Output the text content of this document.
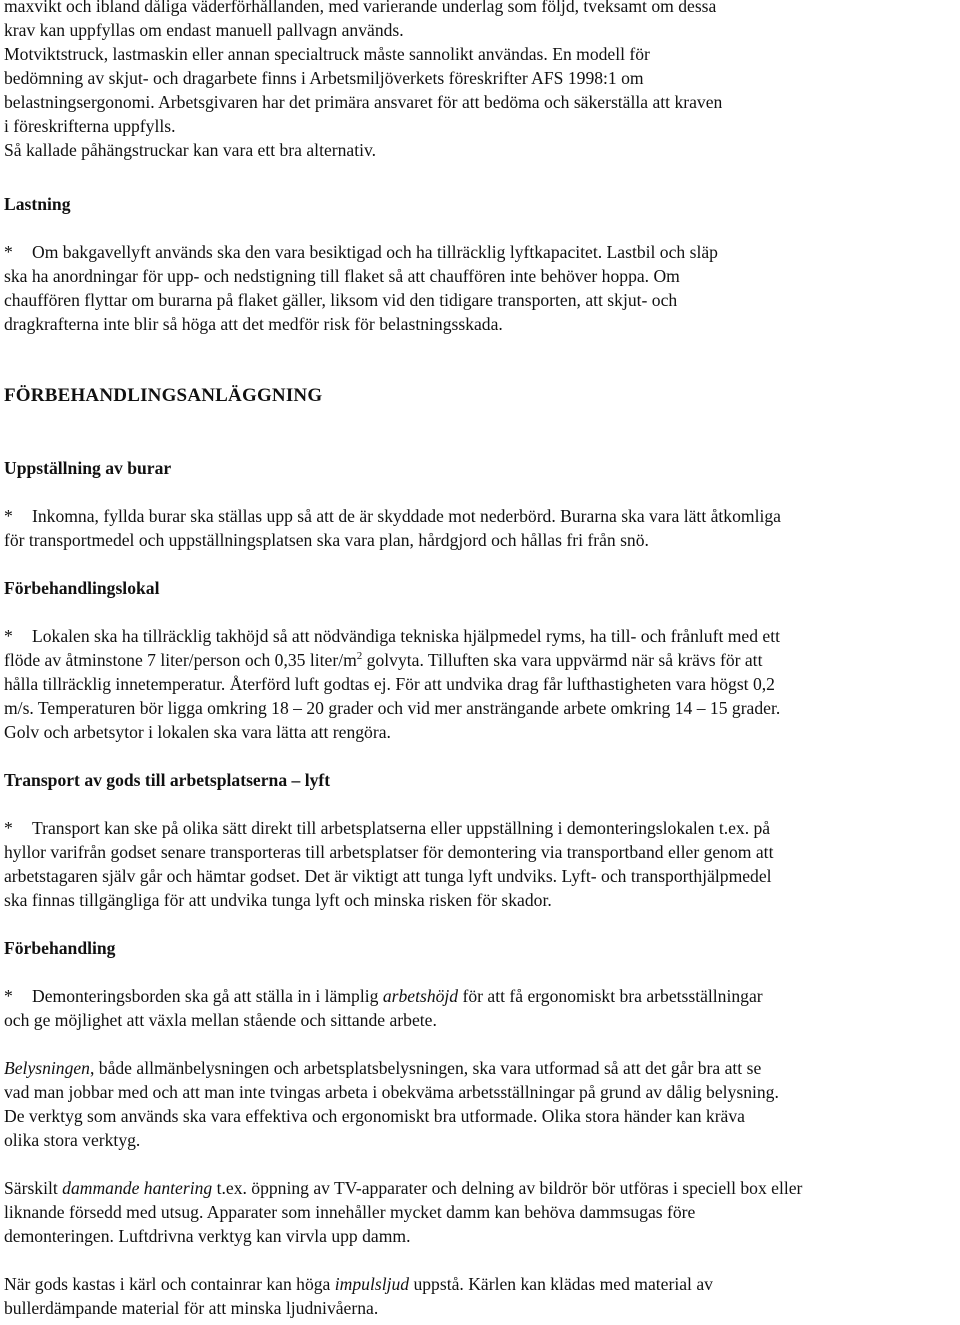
maxvikt och ibland dåliga väderförhållanden, med varierande underlag som följd, tveksamt om dessa

krav kan uppfyllas om endast manuell pallvagn används.

Motviktstruck, lastmaskin eller annan specialtruck måste sannolikt användas. En modell för

bedömning av skjut- och dragarbete finns i Arbetsmiljöverkets föreskrifter AFS 1998:1 om

belastningsergonomi. Arbetsgivaren har det primära ansvaret för att bedöma och säkerställa att kraven

i föreskrifterna uppfylls.

Så kallade påhängstruckar kan vara ett bra alternativ.

Lastning

* Om bakgavellyft används ska den vara besiktigad och ha tillräcklig lyftkapacitet. Lastbil och släp

ska ha anordningar för upp- och nedstigning till flaket så att chauffören inte behöver hoppa. Om

chauffören flyttar om burarna på flaket gäller, liksom vid den tidigare transporten, att skjut- och

dragkrafterna inte blir så höga att det medför risk för belastningsskada.

FÖRBEHANDLINGSANLÄGGNING

Uppställning av burar

* Inkomna, fyllda burar ska ställas upp så att de är skyddade mot nederbörd. Burarna ska vara lätt åtkomliga

för transportmedel och uppställningsplatsen ska vara plan, hårdgjord och hållas fri från snö.

Förbehandlingslokal

* Lokalen ska ha tillräcklig takhöjd så att nödvändiga tekniska hjälpmedel ryms, ha till- och frånluft med ett

flöde av åtminstone 7 liter/person och 0,35 liter/$m^2$ golvyta. Tilluften ska vara uppvärmd när så krävs för att

hålla tillräcklig innetemperatur. Återförd luft godtas ej. För att undvika drag får lufthastigheten vara högst 0,2

m/s. Temperaturen bör ligga omkring 18 – 20 grader och vid mer ansträngande arbete omkring 14 – 15 grader.

Golv och arbetsytor i lokalen ska vara lätta att rengöra.

Transport av gods till arbetsplatserna – lyft

* Transport kan ske på olika sätt direkt till arbetsplatserna eller uppställning i demonteringslokalen t.ex. på

hyllor varifrån godset senare transporteras till arbetsplatser för demontering via transportband eller genom att

arbetstagaren själv går och hämtar godset. Det är viktigt att tunga lyft undviks. Lyft- och transporthjälpmedel

ska finnas tillgängliga för att undvika tunga lyft och minska risken för skador.

Förbehandling

* Demonteringsborden ska gå att ställa in i lämplig arbetshöjd för att få ergonomiskt bra arbetsställningar

och ge möjlighet att växla mellan stående och sittande arbete.

Belysningen, både allmänbelysningen och arbetsplatsbelysningen, ska vara utformad så att det går bra att se

vad man jobbar med och att man inte tvingas arbeta i obekväma arbetsställningar på grund av dålig belysning.

De verktyg som används ska vara effektiva och ergonomiskt bra utformade. Olika stora händer kan kräva

olika stora verktyg.

Särskilt dammande hantering t.ex. öppning av TV-apparater och delning av bildrör bör utföras i speciell box eller

liknande försedd med utsug. Apparater som innehåller mycket damm kan behöva dammsugas före

demonteringen. Luftdrivna verktyg kan virvla upp damm.

När gods kastas i kärl och containrar kan höga impulsljud uppstå. Kärlen kan klädas med material av

bullerdämpande material för att minska ljudnivåerna.
